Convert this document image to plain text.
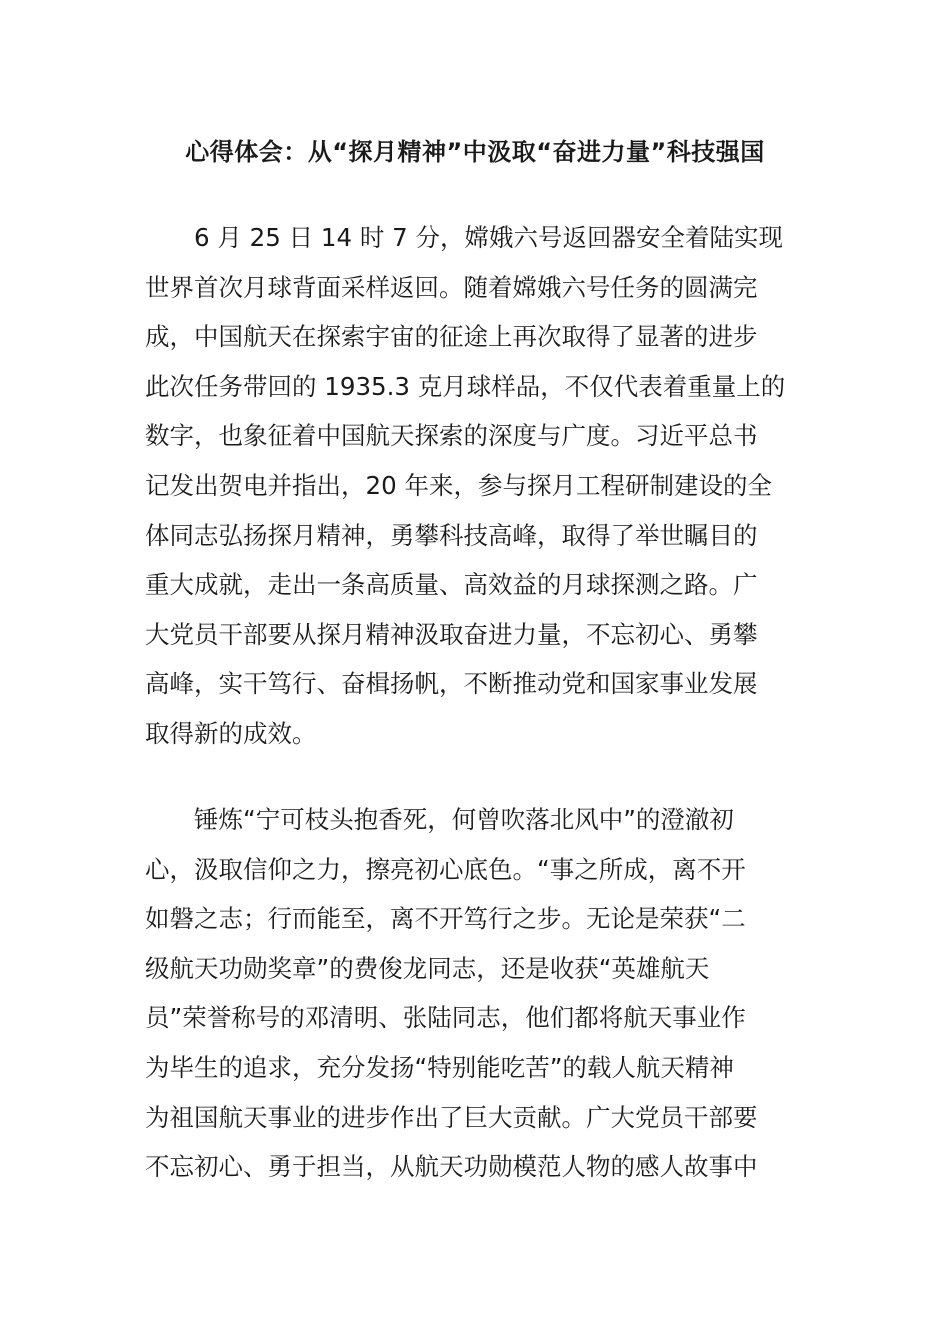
心得体会：从“探月精神”中汲取“奋进力量”科技强国
6 月 25 日 14 时 7 分，嫦娥六号返回器安全着陆实现
世界首次月球背面采样返回。随着嫦娥六号任务的圆满完
成，中国航天在探索宇宙的征途上再次取得了显著的进步
此次任务带回的 1935.3 克月球样品，不仅代表着重量上的
数字，也象征着中国航天探索的深度与广度。习近平总书
记发出贺电并指出，20 年来，参与探月工程研制建设的全
体同志弘扬探月精神，勇攀科技高峰，取得了举世瞩目的
重大成就，走出一条高质量、高效益的月球探测之路。广
大党员干部要从探月精神汲取奋进力量，不忘初心、勇攀
高峰，实干笃行、奋楫扬帆，不断推动党和国家事业发展
取得新的成效。
锤炼“宁可枝头抱香死，何曾吹落北风中”的澄澈初
心，汲取信仰之力，擦亮初心底色。“事之所成，离不开
如磐之志；行而能至，离不开笃行之步。无论是荣获“二
级航天功勋奖章”的费俊龙同志，还是收获“英雄航天
员”荣誉称号的邓清明、张陆同志，他们都将航天事业作
为毕生的追求，充分发扬“特别能吃苦”的载人航天精神
为祖国航天事业的进步作出了巨大贡献。广大党员干部要
不忘初心、勇于担当，从航天功勋模范人物的感人故事中
